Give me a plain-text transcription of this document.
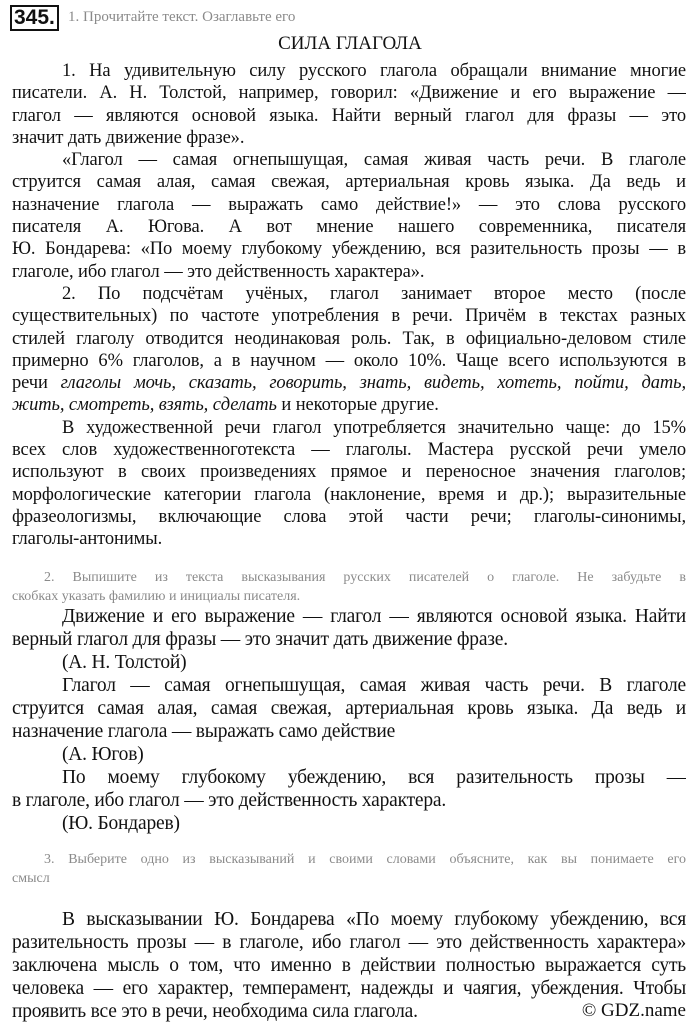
345. 1. Прочитайте текст. Озаглавьте его
СИЛА ГЛАГОЛА
1. На удивительную силу русского глагола обращали внимание многие
писатели. А. Н. Толстой, например, говорил: «Движение и его выражение —
глагол — являются основой языка. Найти верный глагол для фразы — это
значит дать движение фразе».
«Глагол — самая огнепышущая, самая живая часть речи. В глаголе
струится самая алая, самая свежая, артериальная кровь языка. Да ведь и
назначение глагола — выражать само действие!» — это слова русского
писателя А. Югова. А вот мнение нашего современника, писателя
Ю. Бондарева: «По моему глубокому убеждению, вся разительность прозы — в
глаголе, ибо глагол — это действенность характера».
2. По подсчётам учёных, глагол занимает второе место (после
существительных) по частоте употребления в речи. Причём в текстах разных
стилей глаголу отводится неодинаковая роль. Так, в официально-деловом стиле
примерно 6% глаголов, а в научном — около 10%. Чаще всего используются в
речи глаголы мочь, сказать, говорить, знать, видеть, хотеть, пойти, дать,
жить, смотреть, взять, сделать и некоторые другие.
В художественной речи глагол употребляется значительно чаще: до 15%
всех слов художественноготекста — глаголы. Мастера русской речи умело
используют в своих произведениях прямое и переносное значения глаголов;
морфологические категории глагола (наклонение, время и др.); выразительные
фразеологизмы, включающие слова этой части речи; глаголы-синонимы,
глаголы-антонимы.
2. Выпишите из текста высказывания русских писателей о глаголе. Не забудьте в
скобках указать фамилию и инициалы писателя.
Движение и его выражение — глагол — являются основой языка. Найти
верный глагол для фразы — это значит дать движение фразе.
(А. Н. Толстой)
Глагол — самая огнепышущая, самая живая часть речи. В глаголе
струится самая алая, самая свежая, артериальная кровь языка. Да ведь и
назначение глагола — выражать само действие
(А. Югов)
По моему глубокому убеждению, вся разительность прозы —
в глаголе, ибо глагол — это действенность характера.
(Ю. Бондарев)
3. Выберите одно из высказываний и своими словами объясните, как вы понимаете его
смысл
В высказывании Ю. Бондарева «По моему глубокому убеждению, вся
разительность прозы — в глаголе, ибо глагол — это действенность характера»
заключена мысль о том, что именно в действии полностью выражается суть
человека — его характер, темперамент, надежды и чаягия, убеждения. Чтобы
проявить все это в речи, необходима сила глагола.	© GDZ.name
